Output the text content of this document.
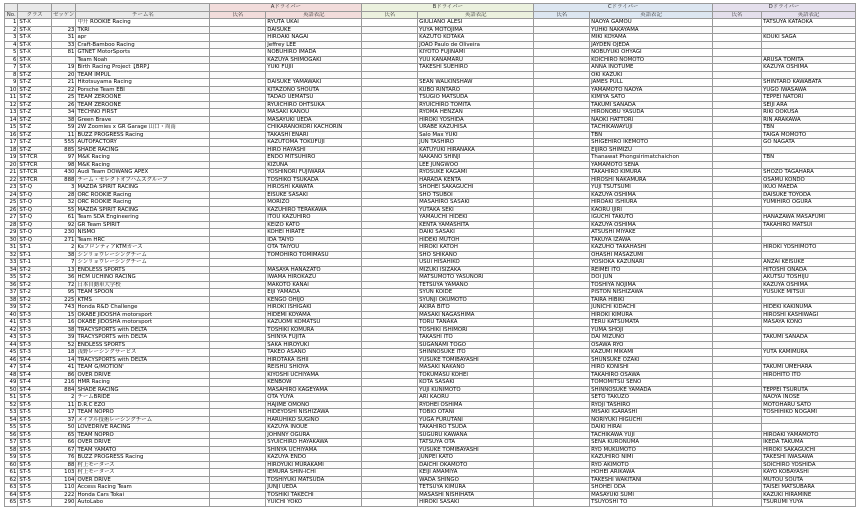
				Aドライバー		Bドライバー		Cドライバー		Dドライバー	
No.	クラス	ゼッケン	チーム名	氏名	英語表記	氏名	英語表記	氏名	英語表記	氏名	英語表記
1	ST-X		中升 ROOKIE Racing		RYUTA UKAI		GIULIANO ALESI		NAOYA GAMOU		TATSUYA KATAOKA
2	ST-X	23	TKRI		DAISUKE		YUYA MOTOJIMA		YUHKI NAKAYAMA		
3	ST-X	31	apr		HIROAKI NAGAI		KAZUTO KOTAKA		MIKI KOYAMA		KOUKI SAGA
4	ST-X	33	Craft-Bamboo Racing		Jeffrey LEE		JOÃO Paulo de Oliveira		JAYDEN OJEDA		
5	ST-X	81	GTNET MotorSports		NOBUHIRO IMADA		KIYOTO FUJINAMI		NOBUYUKI OHYAGI		
6	ST-X		Team Noah		KAZUYA SHIMOGAKI		YUU KANAMARU		KOICHIRO NOMOTO		ARUSA TOMITA
7	ST-X	19	Birth Racing Project【BRP】		YUKI FUJII		TAKESHI SUEHIRO		ANNA INOTUME		KAZUYA OSHIMA
8	ST-Z	20	TEAM IMPUL						OKI KAZUKI		
9	ST-Z	21	Hitotsuyama Racing		DAISUKE YAMAWAKI		SEAN WALKINSHAW		JAMES PULL		SHINTARO KAWABATA
10	ST-Z	22	Porsche Team EBI		KITAZONO SHOUTA		KUBO RINTARO		YAMAMOTO NAOYA		YUGO IWASAWA
11	ST-Z	25	TEAM ZEROONE		TADAO UEMATSU		TSUGIO MATSUDA		KIMIYA SATO		TEPPEI NATORI
12	ST-Z	26	TEAM ZEROONE		RYUICHIRO OHTSUKA		RYUICHIRO TOMITA		TAKUMI SANADA		SEIJI ARA
13	ST-Z	34	TECHNO FIRST		MASAKI KANOU		RYOMA HENZAN		HIRONOBU YASUDA		RIKI OOKUSA
14	ST-Z	38	Green Brave		MASAYUKI UEDA		HIROKI YOSHIDA		NAOKI HATTORI		RIN ARAKAWA
15	ST-Z	59	2W Zoomies x GR Garage 山口・周南		CHIKARANOKORI KACHORIN		URABE KAZUHISA		TACHIKAWAYUJI		TBN
16	ST-Z	11	BUZZ PROGRESS Racing		TAKASHI ENARI		Salo Max YUKI		TBN		TAIGA MOMOTO
17	ST-Z	555	AUTOFACTORY		KAZUTOMA TOKUFUJI		JUN TASHIRO		SHIGEHIRO IKEMOTO		GO NAGATA
18	ST-Z	885	SHADE RACING		HIRO HAYASHI		KATUYUKI HIRANAKA		EIJIRO SHIMIZU		
19	ST-TCR	97	M&K Racing		ENDO MITSUHIRO		NAKANO SHINJI		Thanawat Phongsirimatchaichon		TBN
20	ST-TCR	98	M&K Racing		KIZUNA		LEE JUNGWOO		YAMAMOTO SENA		
21	ST-TCR	430	Audi Team DOWANG APEX		YOSHINORI FUJIWARA		RYOSUKE KAGAMI		TAKAHIRO KIMURA		SHOZO TAGAHARA
22	ST-TCR	888	チーム・セレクトオブハムズグループ		TOSHIKO TSUKADA		HARADA KENTA		HIROSHI NAKAMURA		OSAMU KONDO
23	ST-Q	3	MAZDA SPIRIT RACING		HIROSHI KAWATA		SHOHEI SAKAGUCHI		YUJI TSUTSUMI		IKUO MAEDA
24	ST-Q	28	ORC ROOKIE Racing		EISUKE SASAKI		SHO TSUBOI		KAZUYA OSHIMA		DAISUKE TOYODA
25	ST-Q	32	ORC ROOKIE Racing		MORIZO		MASAHIRO SASAKI		HIROAKI ISHIURA		YUMIHIRO OGURA
26	ST-Q	55	MAZDA SPIRIT RACING		KAZUHIRO TERAKAWA		YUTAKA SEKI		KAORU IJIRI		
27	ST-Q	61	Team SDA Engineering		ITOU KAZUHIRO		YAMAUCHI HIDEKI		IGUCHI TAKUTO		HANAZAWA MASAFUMI
28	ST-Q	92	GR Team SPIRIT		KEIZO KATO		KENTA YAMASHITA		KAZUYA OSHIMA		TAKAHIRO MATSUI
29	ST-Q	230	NISMO		KOHEI HIRATE		DAIKI SASAKI		ATSUSHI MIYAKE		
30	ST-Q	271	Team HRC		IDA TAIYO		HIDEKI MUTOH		TAKUYA IZAWA		
31	ST-1	2	KsフロンティアKTMカーズ		OTA TAIYOU		HIROKI KATOH		KAZUHO TAKAHASHI		HIROKI YOSHIMOTO
32	ST-1	38	シンリョウレーシングチーム		TOMOHIRO TOMIMASU		SHO SHIKANO		OHASHI MASAZUMI		
33	ST-1	7	シンリョウレーシングチーム				USUI HISAHIKO		YOSIOKA KAZUNARI		ANZAI KEISUKE
34	ST-2	13	ENDLESS SPORTS		MASAYA HANAZATO		MIZUKI ISIZAKA		REIMEI ITO		HITOSHI ONADA
35	ST-2	36	HCM UCHINO RACING		IWAMA HIROKAZU		MATSUMOTO YASUNORI		DOI JUN		AKUTSU TOSHIJU
36	ST-2	72	日本自動車大学校		MAKOTO KANAI		TETSUYA YAMANO		TOSHIYA NOJIMA		KAZUYA OSHIMA
37	ST-2	95	TEAM SPOON		EIJI YAMADA		SYUN KOIDE		PISTON NISHIZAWA		YUSUKE MITSUI
38	ST-2	225	KTMS		KENGO OHIJO		SYUNJI OKUMOTO		TAIRA HIBIKI		
39	ST-2	743	Honda R&D Challenge		HIROKI ISHIGAKI		AKIRA BITO		JUNICHI KIDACHI		HIDEKI KAKINUMA
40	ST-3	15	OKABE JIDOSHA motorsport		HIDEMI KOYAMA		MASAKI NAGASHIMA		HIROKI KIMURA		HIROSHI KASHIWAGI
41	ST-3	16	OKABE JIDOSHA motorsport		KAZUOMI KOMATSU		TORU TANAKA		TERU KATSUMATA		MASAYA KONO
42	ST-3	38	TRACYSPORTS with DELTA		TOSHIKI KOMURA		TOSHIKI ISHIMORI		YUMA SHOJI		
43	ST-3	39	TRACYSPORTS with DELTA		SHINYA FUJITA		TAKASHI ITO		DAI MIZUNO		TAKUMI SANADA
44	ST-3	52	ENDLESS SPORTS		SAKA HIROYUKI		SUGANAMI TOGO		OSAWA RYO		
45	ST-3	18	浅野レーシングサービス		TAKEO ASANO		SHINNOSUKE ITO		KAZUMI MIKAMI		YUTA KAMIMURA
46	ST-4	14	TRACYSPORTS with DELTA		HIROTAKA ISHII		YUSUKE TOMIBAYASHI		SHUNSUKE OZAKI		
47	ST-4	41	TEAM G/MOTION'		REISHU SHIOYA		MASAKI NAKANO		HIRO KONISHI		TAKUMI UMEHARA
48	ST-4	86	OVER DRIVE		KIYOSHI UCHIYAMA		TOKUMASU KOHEI		TAKAHIRO OSAWA		HIROHITO ITO
49	ST-4	216	HMR Racing		KENBOW		KOTA SASAKI		TOMOMITSU SENO		
50	ST-4	884	SHADE RACING		MASAHIRO KAGEYAMA		YUJI KUNIMOTO		SHINNOSUKE YAMADA		TEPPEI TSURUTA
51	ST-5	2	チームBRIDE		OTA YUYA		ARI KAORU		SETO TAKUZO		NAOYA INOSE
52	ST-5	11	D.R.C EZO		HAJIME OMONO		RYOHEI OSHIMA		RYOJI TASHIRO		MOTOHARU SATO
53	ST-5	17	TEAM NOPRO		HIDEYOSHI NISHIZAWA		TOBIO OTANI		MISAKI IGARASHI		TOSHIHIKO NOGAMI
54	ST-5	37	メイプル技術レーシングチーム		HARUHIKO SUGINO		YUGA FURUTANI		NORIYUKI HIGUCHI		
55	ST-5	50	LOVEDRIVE RACING		KAZUYA INOUE		TAKAHIRO TSUDA		DAIKI HIRAI		
56	ST-5	65	TEAM NOPRO		JOHNNY OGURA		SUGURU KAWANA		TACHIKAWA YUJI		HIROAKI YAMAMOTO
57	ST-5	66	OVER DRIVE		SYUICHIRO HAYAKAWA		TATSUYA OTA		SENA KURONUMA		IKEDA TAKUMA
58	ST-5	67	TEAM YAMATO		SHINYA UCHIYAMA		YUSUKE TOMIBAYASHI		RYO MUKUMOTO		HIROKI SAKAGUCHI
59	ST-5	76	BUZZ PROGRESS Racing		KAZUYA ENDO		JUNPEI KATO		KAZUHIRO NIMI		TAKESHI IWASAWA
60	ST-5	88	村上モータース		HIROYUKI MURAKAMI		DAICHI OKAMOTO		RYO AKIMOTO		SOICHIRO YOSHIDA
61	ST-5	103	村上モータース		IEMURA SHIN-ICHI		KEIJI AMAMIYA		HOHEI ARIKAWA		KAYO KOBAYASHI
62	ST-5	104	OVER DRIVE		TOSHIYUKI MATSUDA		WADA SHINGO		TAKESHI WAKITANI		MUTOU SOUTA
63	ST-5	110	Access Racing Team		JUNJI UEDA		TETSUYA KIMURA		SHOHEI ODA		TAISEI MATSUBARA
64	ST-5	222	Honda Cars Tokai		TOSHIKI TAKECHI		MASASHI NISHIHATA		MASAYUKI SUMI		KAZUKI HIRAMINE
65	ST-5	290	AutoLabo		YUICHI YOKO		HIROKI SASAKI		TSUYOSHI TO		TSURUMI YUYA
